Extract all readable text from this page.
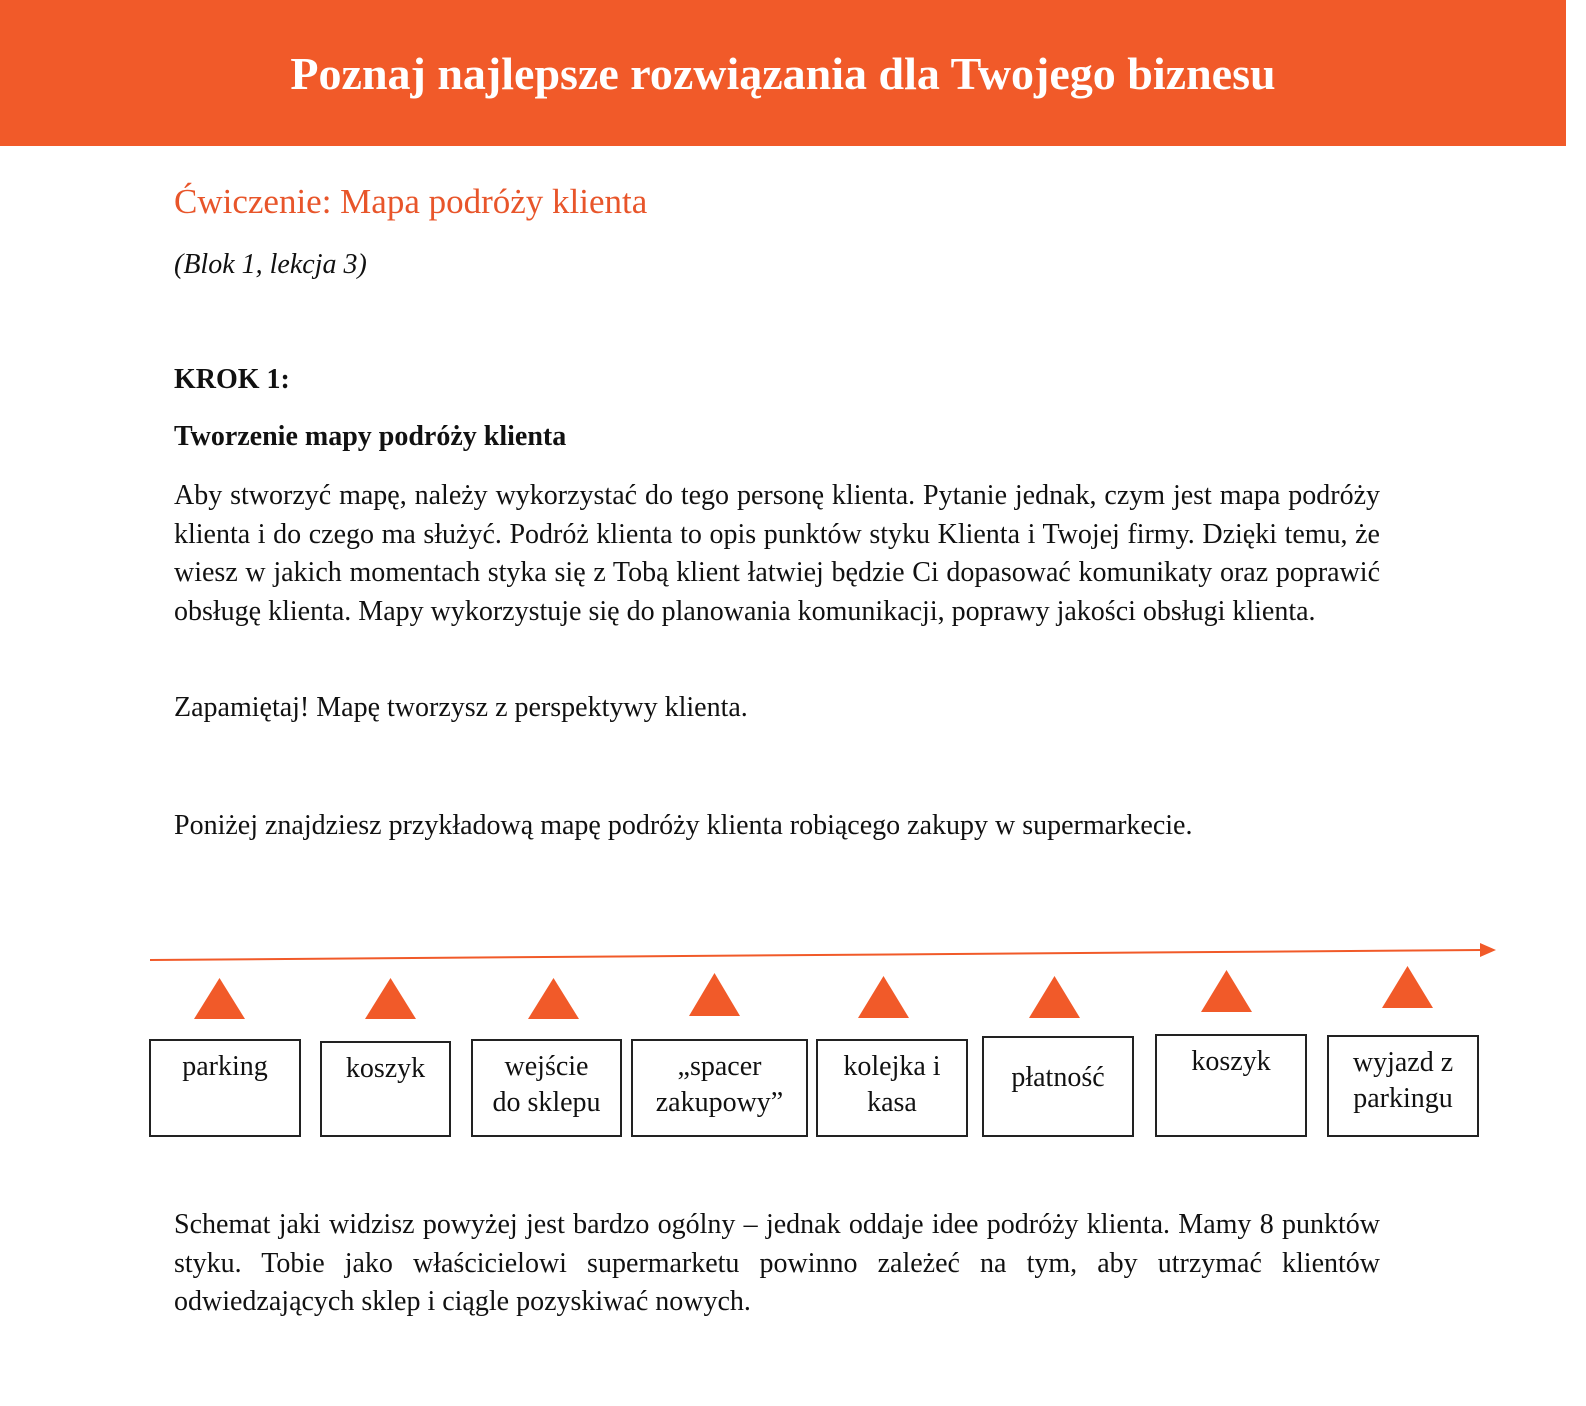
Poznaj najlepsze rozwiązania dla Twojego biznesu
Ćwiczenie: Mapa podróży klienta
(Blok 1, lekcja 3)
KROK 1:
Tworzenie mapy podróży klienta

Aby stworzyć mapę, należy wykorzystać do tego personę klienta. Pytanie jednak, czym jest mapa podróży klienta i do czego ma służyć. Podróż klienta to opis punktów styku Klienta i Twojej firmy. Dzięki temu, że wiesz w jakich momentach styka się z Tobą klient łatwiej będzie Ci dopasować komunikaty oraz poprawić obsługę klienta. Mapy wykorzystuje się do planowania komunikacji, poprawy jakości obsługi klienta.

Zapamiętaj! Mapę tworzysz z perspektywy klienta.

Poniżej znajdziesz przykładową mapę podróży klienta robiącego zakupy w supermarkecie.

parking	koszyk	wejście
do sklepu
„spacer
zakupowy”
kolejka i
kasa
płatność
koszyk	wyjazd z
parkingu

Schemat jaki widzisz powyżej jest bardzo ogólny – jednak oddaje idee podróży klienta. Mamy 8 punktów styku. Tobie jako właścicielowi supermarketu powinno zależeć na tym, aby utrzymać klientów odwiedzających sklep i ciągle pozyskiwać nowych.
